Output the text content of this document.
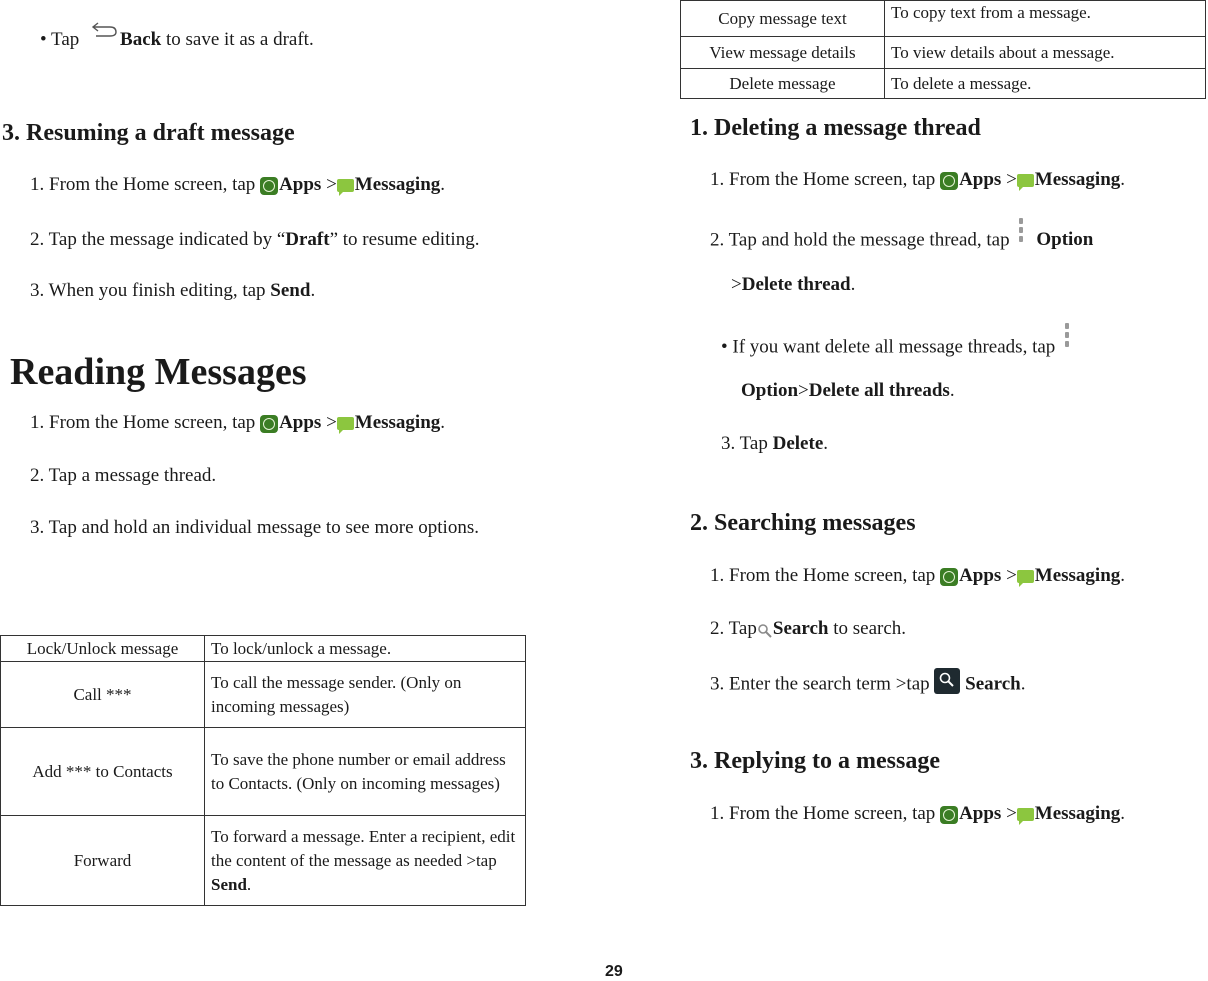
• Tap Back to save it as a draft.
3. Resuming a draft message
1. From the Home screen, tap Apps > Messaging.
2. Tap the message indicated by “Draft” to resume editing.
3. When you finish editing, tap Send.
Reading Messages
1. From the Home screen, tap Apps > Messaging.
2. Tap a message thread.
3. Tap and hold an individual message to see more options.
Lock/Unlock message	To lock/unlock a message.
Call ***	To call the message sender. (Only on incoming messages)
Add *** to Contacts	To save the phone number or email address to Contacts. (Only on incoming messages)
Forward	To forward a message. Enter a recipient, edit the content of the message as needed >tap Send.
Copy message text	To copy text from a message.
View message details	To view details about a message.
Delete message	To delete a message.
1. Deleting a message thread
1. From the Home screen, tap Apps > Messaging.
2. Tap and hold the message thread, tap
Option
>Delete thread.
• If you want delete all message threads, tap
Option>Delete all threads.
3. Tap Delete.
2. Searching messages
1. From the Home screen, tap Apps > Messaging.
2. Tap Search to search.
3. Enter the search term >tap  Search.
3. Replying to a message
1. From the Home screen, tap Apps > Messaging.
29
